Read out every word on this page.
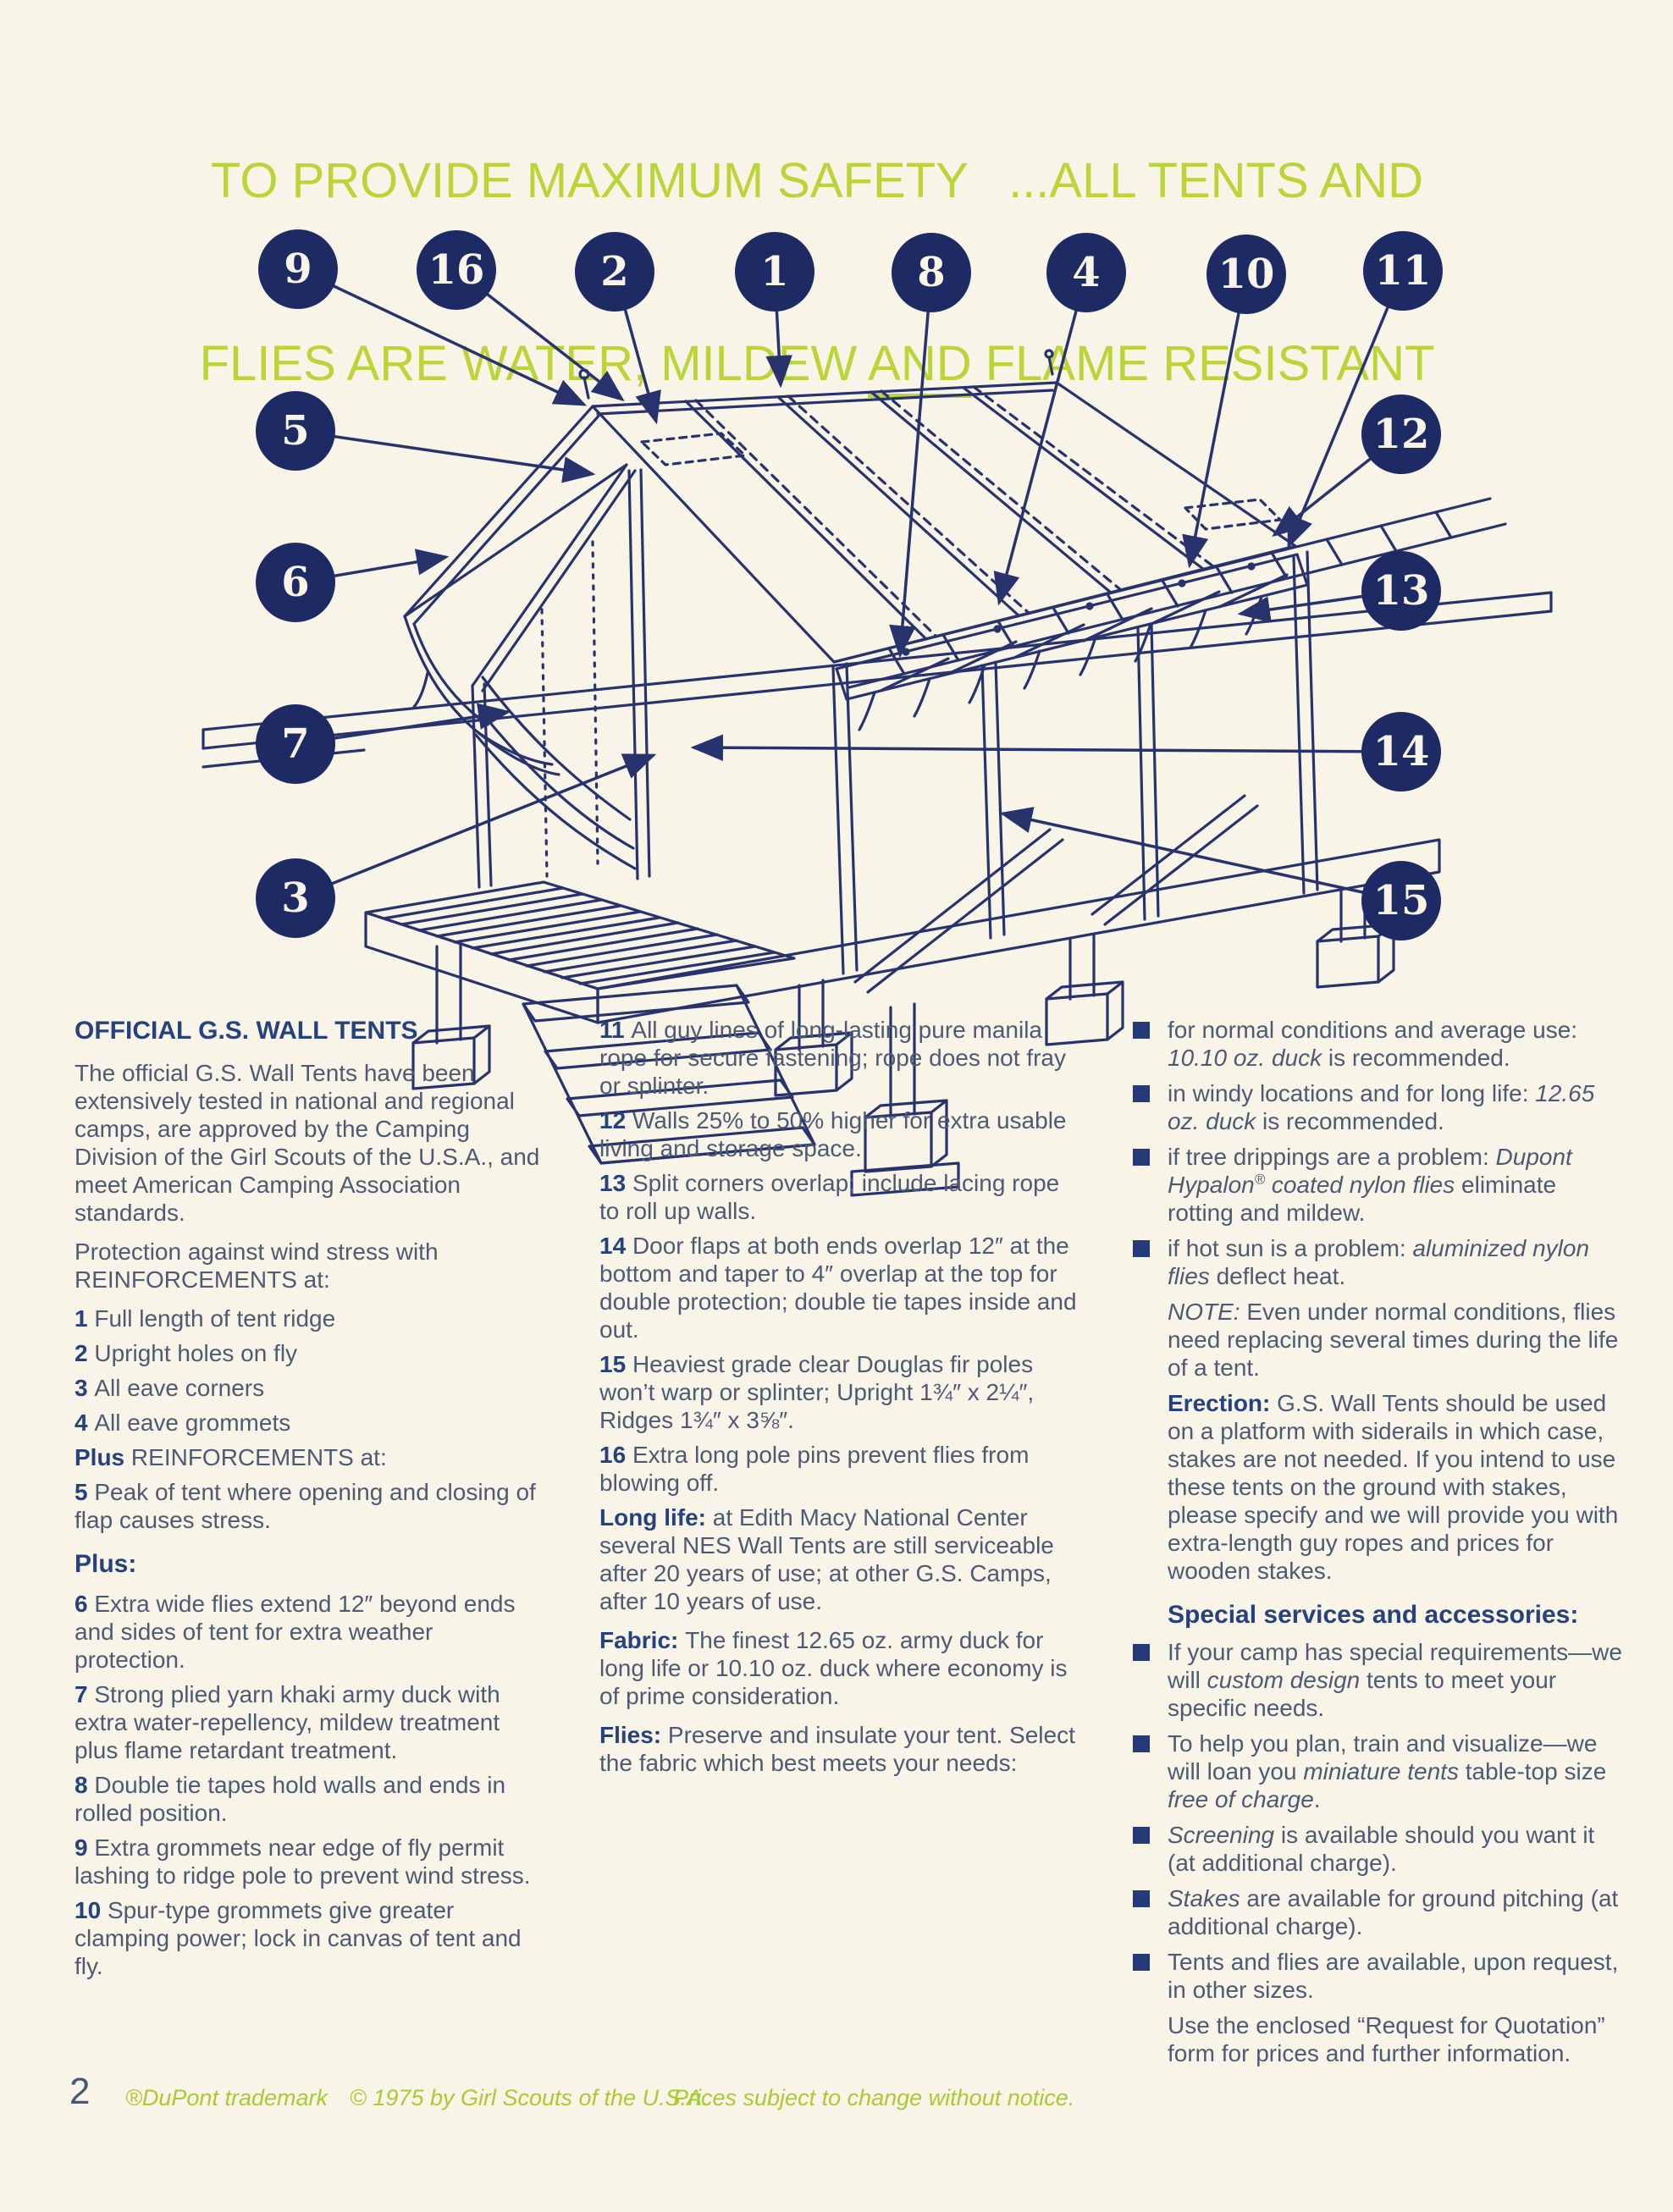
TO PROVIDE MAXIMUM SAFETY   ...ALL TENTS AND

FLIES ARE WATER, MILDEW AND FLAME RESISTANT

1
2
3
4
5
6
7
8
9	10 11
12
13
14
15
16
OFFICIAL G.S. WALL TENTS
The official G.S. Wall Tents have been extensively tested in national and regional camps, are approved by the Camping Division of the Girl Scouts of the U.S.A., and meet American Camping Association standards.
Protection against wind stress with REINFORCEMENTS at:
1 Full length of tent ridge
2 Upright holes on fly
3 All eave corners
4 All eave grommets
Plus REINFORCEMENTS at:
5 Peak of tent where opening and closing of flap causes stress.
Plus:
6 Extra wide flies extend 12″ beyond ends and sides of tent for extra weather protection.
7 Strong plied yarn khaki army duck with extra water-repellency, mildew treatment plus flame retardant treatment.
8 Double tie tapes hold walls and ends in rolled position.
9 Extra grommets near edge of fly permit lashing to ridge pole to prevent wind stress.
10 Spur-type grommets give greater clamping power; lock in canvas of tent and fly.
11 All guy lines of long-lasting pure manila rope for secure fastening; rope does not fray or splinter.
12 Walls 25% to 50% higher for extra usable living and storage space.
13 Split corners overlap; include lacing rope to roll up walls.
14 Door flaps at both ends overlap 12″ at the bottom and taper to 4″ overlap at the top for double protection; double tie tapes inside and out.
15 Heaviest grade clear Douglas fir poles won’t warp or splinter; Upright 1¾″ x 2¼″, Ridges 1¾″ x 3⅝″.
16 Extra long pole pins prevent flies from blowing off.
Long life: at Edith Macy National Center several NES Wall Tents are still serviceable after 20 years of use; at other G.S. Camps, after 10 years of use.
Fabric: The finest 12.65 oz. army duck for long life or 10.10 oz. duck where economy is of prime consideration.
Flies: Preserve and insulate your tent. Select the fabric which best meets your needs:
for normal conditions and average use: 10.10 oz. duck is recommended.
in windy locations and for long life: 12.65 oz. duck is recommended.
if tree drippings are a problem: Dupont Hypalon® coated nylon flies eliminate rotting and mildew.
if hot sun is a problem: aluminized nylon flies deflect heat.
NOTE: Even under normal conditions, flies need replacing several times during the life of a tent.
Erection: G.S. Wall Tents should be used on a platform with siderails in which case, stakes are not needed. If you intend to use these tents on the ground with stakes, please specify and we will provide you with extra-length guy ropes and prices for wooden stakes.
Special services and accessories:
If your camp has special requirements—we will custom design tents to meet your specific needs.
To help you plan, train and visualize—we will loan you miniature tents table-top size free of charge.
Screening is available should you want it (at additional charge).
Stakes are available for ground pitching (at additional charge).
Tents and flies are available, upon request, in other sizes.
Use the enclosed “Request for Quotation” form for prices and further information.
2 ®DuPont trademark © 1975 by Girl Scouts of the U.S.A.
Prices subject to change without notice.
